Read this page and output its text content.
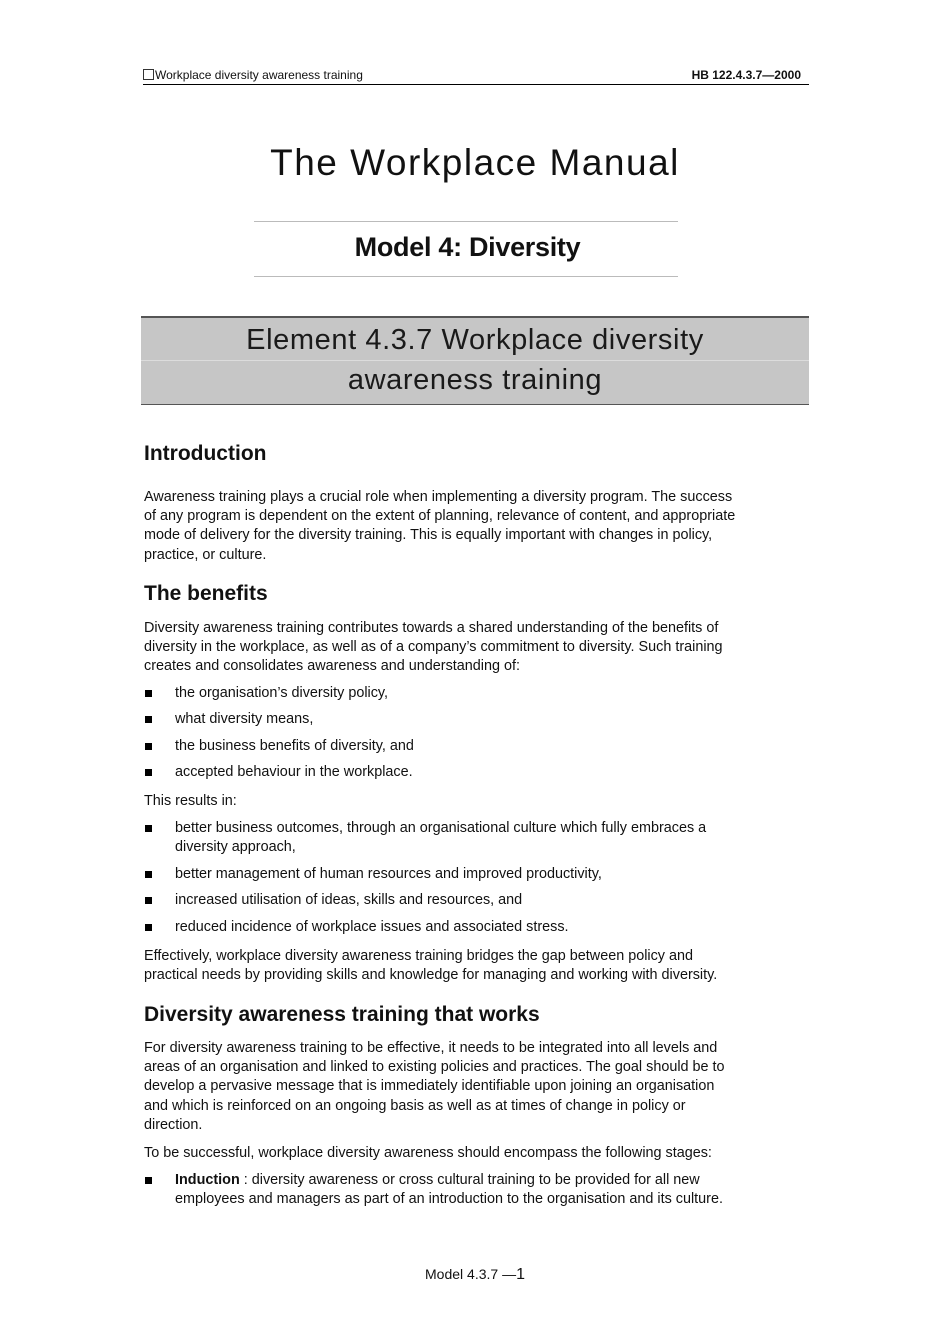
Workplace diversity awareness training	HB 122.4.3.7—2000
The Workplace Manual
Model 4: Diversity
Element 4.3.7 Workplace diversity
awareness training
Introduction

Awareness training plays a crucial role when implementing a diversity program. The success
of any program is dependent on the extent of planning, relevance of content, and appropriate
mode of delivery for the diversity training. This is equally important with changes in policy,
practice, or culture.

The benefits

Diversity awareness training contributes towards a shared understanding of the benefits of
diversity in the workplace, as well as of a company’s commitment to diversity. Such training
creates and consolidates awareness and understanding of:

the organisation’s diversity policy,
what diversity means,
the business benefits of diversity, and
accepted behaviour in the workplace.

This results in:

better business outcomes, through an organisational culture which fully embraces a
diversity approach,
better management of human resources and improved productivity,
increased utilisation of ideas, skills and resources, and
reduced incidence of workplace issues and associated stress.

Effectively, workplace diversity awareness training bridges the gap between policy and
practical needs by providing skills and knowledge for managing and working with diversity.

Diversity awareness training that works

For diversity awareness training to be effective, it needs to be integrated into all levels and
areas of an organisation and linked to existing policies and practices. The goal should be to
develop a pervasive message that is immediately identifiable upon joining an organisation
and which is reinforced on an ongoing basis as well as at times of change in policy or
direction.

To be successful, workplace diversity awareness should encompass the following stages:

Induction : diversity awareness or cross cultural training to be provided for all new
employees and managers as part of an introduction to the organisation and its culture.
Model 4.3.7 —1
